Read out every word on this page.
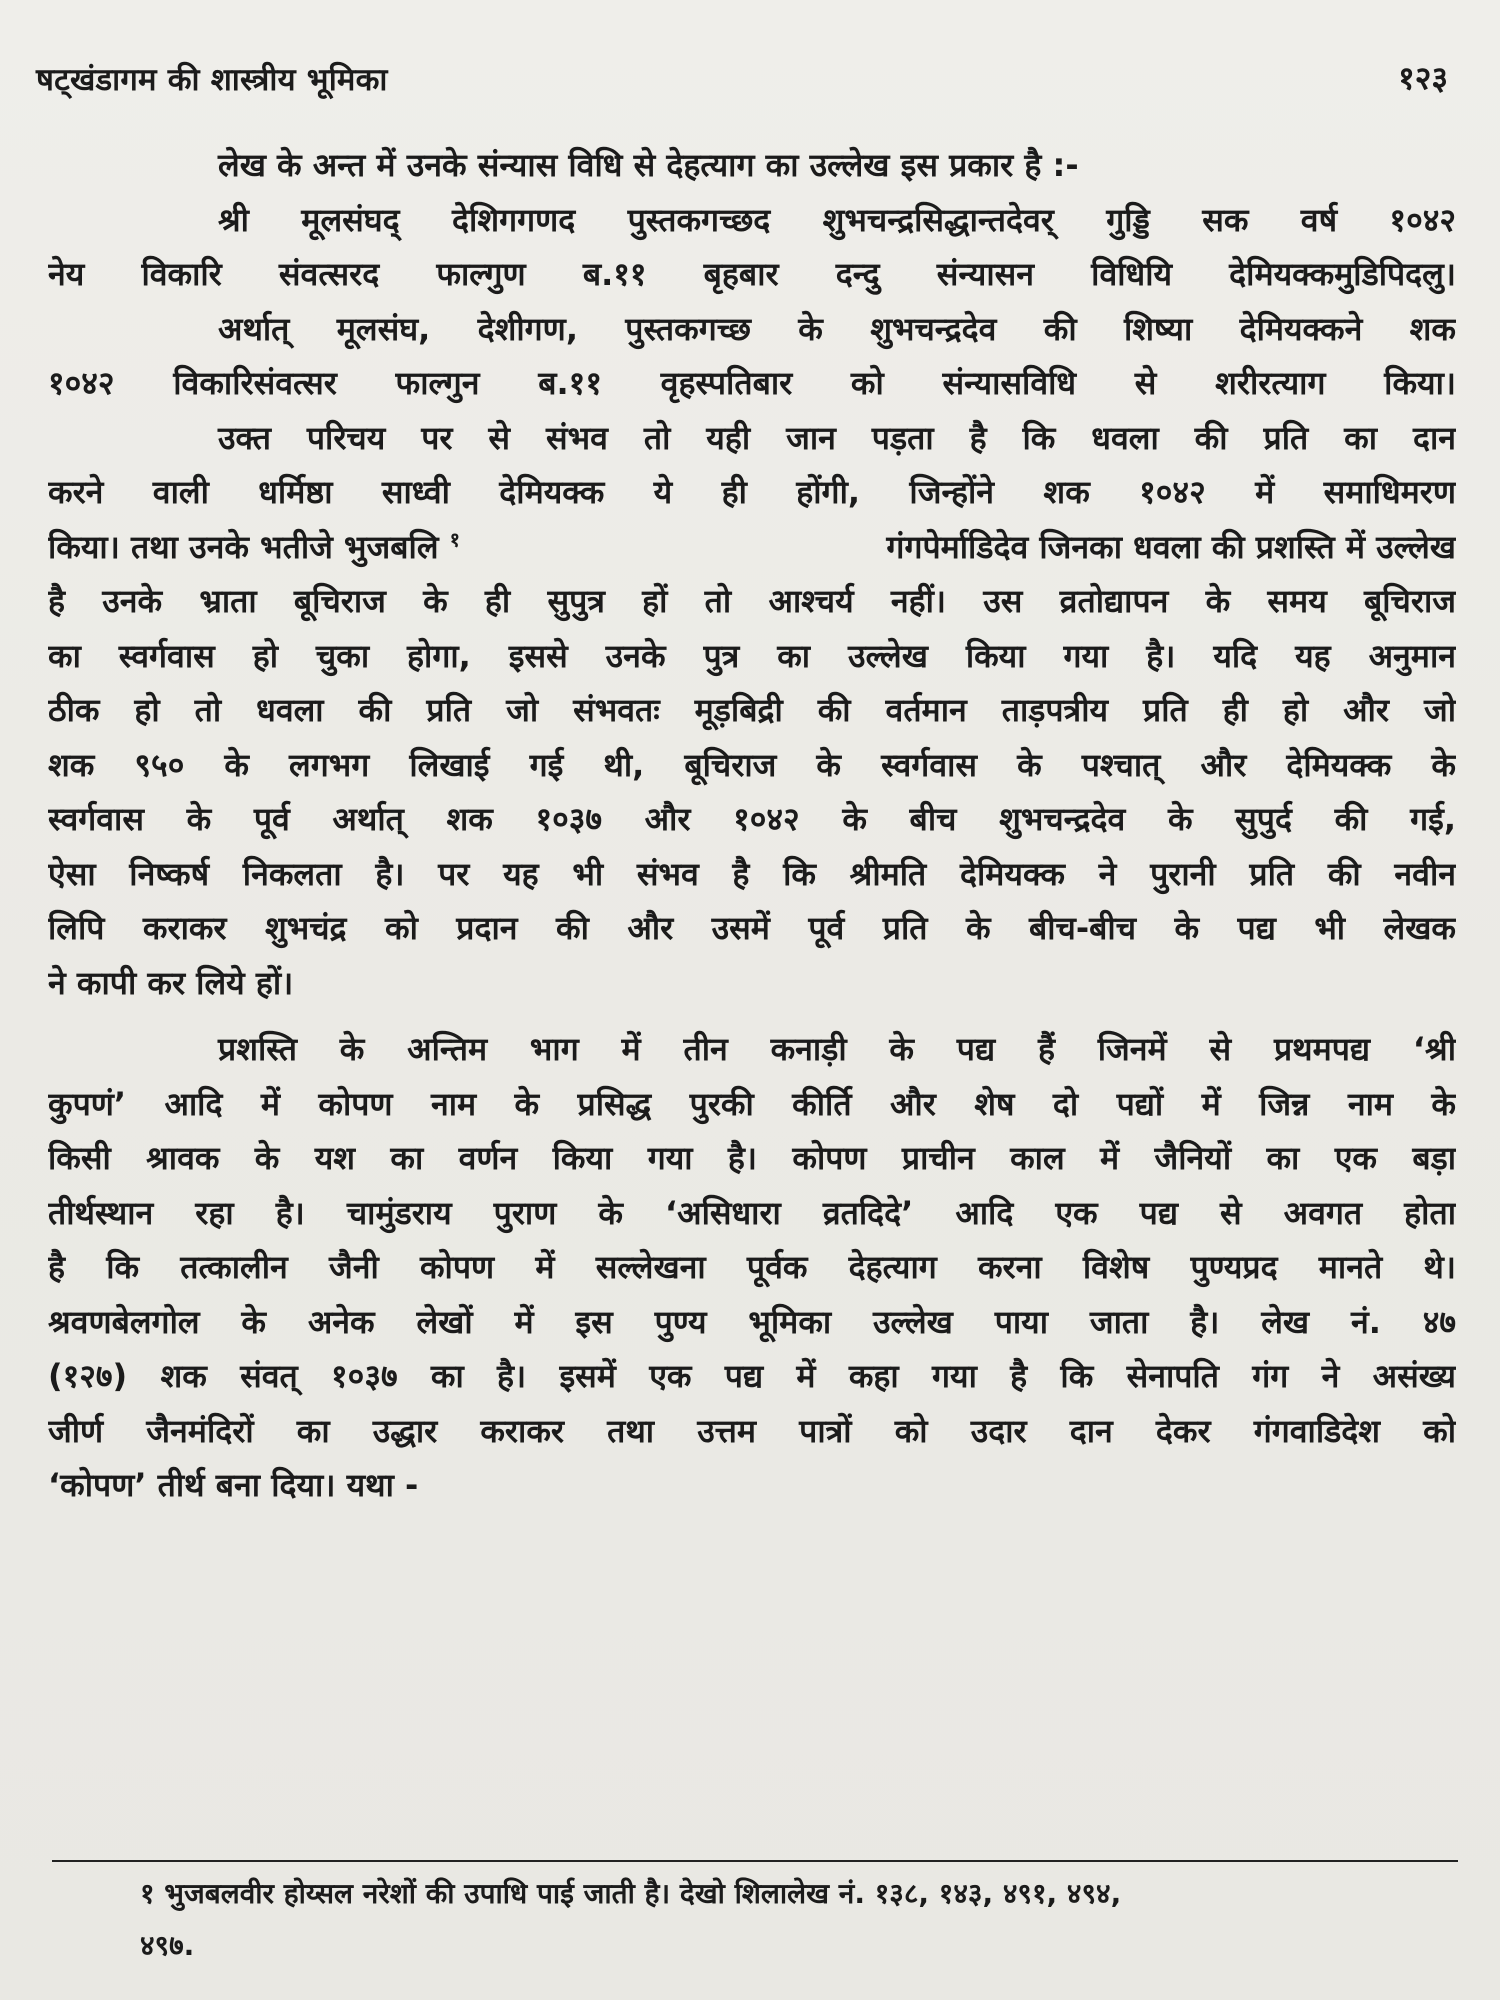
षट्खंडागम की शास्त्रीय भूमिका	१२३
लेख के अन्त में उनके संन्यास विधि से देहत्याग का उल्लेख इस प्रकार है :-
श्री मूलसंघद् देशिगगणद पुस्तकगच्छद शुभचन्द्रसिद्धान्तदेवर् गुड्डि सक वर्ष १०४२
नेय विकारि संवत्सरद फाल्गुण ब.११ बृहबार दन्दु संन्यासन विधियि देमियक्कमुडिपिदलु।
अर्थात् मूलसंघ, देशीगण, पुस्तकगच्छ के शुभचन्द्रदेव की शिष्या देमियक्कने शक
१०४२ विकारिसंवत्सर फाल्गुन ब.११ वृहस्पतिबार को संन्यासविधि से शरीरत्याग किया।
उक्त परिचय पर से संभव तो यही जान पड़ता है कि धवला की प्रति का दान
करने वाली धर्मिष्ठा साध्वी देमियक्क ये ही होंगी, जिन्होंने शक १०४२ में समाधिमरण
किया। तथा उनके भतीजे भुजबलि $^१$	गंगपेर्माडिदेव जिनका धवला की प्रशस्ति में उल्लेख
है उनके भ्राता बूचिराज के ही सुपुत्र हों तो आश्चर्य नहीं। उस व्रतोद्यापन के समय बूचिराज
का स्वर्गवास हो चुका होगा, इससे उनके पुत्र का उल्लेख किया गया है। यदि यह अनुमान
ठीक हो तो धवला की प्रति जो संभवतः मूड़बिद्री की वर्तमान ताड़पत्रीय प्रति ही हो और जो
शक ९५० के लगभग लिखाई गई थी, बूचिराज के स्वर्गवास के पश्चात् और देमियक्क के
स्वर्गवास के पूर्व अर्थात् शक १०३७ और १०४२ के बीच शुभचन्द्रदेव के सुपुर्द की गई,
ऐसा निष्कर्ष निकलता है। पर यह भी संभव है कि श्रीमति देमियक्क ने पुरानी प्रति की नवीन
लिपि कराकर शुभचंद्र को प्रदान की और उसमें पूर्व प्रति के बीच-बीच के पद्य भी लेखक
ने कापी कर लिये हों।
प्रशस्ति के अन्तिम भाग में तीन कनाड़ी के पद्य हैं जिनमें से प्रथमपद्य ‘श्री
कुपणं’ आदि में कोपण नाम के प्रसिद्ध पुरकी कीर्ति और शेष दो पद्यों में जिन्न नाम के
किसी श्रावक के यश का वर्णन किया गया है। कोपण प्राचीन काल में जैनियों का एक बड़ा
तीर्थस्थान रहा है। चामुंडराय पुराण के ‘असिधारा व्रतदिदे’ आदि एक पद्य से अवगत होता
है कि तत्कालीन जैनी कोपण में सल्लेखना पूर्वक देहत्याग करना विशेष पुण्यप्रद मानते थे।
श्रवणबेलगोल के अनेक लेखों में इस पुण्य भूमिका उल्लेख पाया जाता है। लेख नं. ४७
(१२७) शक संवत् १०३७ का है। इसमें एक पद्य में कहा गया है कि सेनापति गंग ने असंख्य
जीर्ण जैनमंदिरों का उद्धार कराकर तथा उत्तम पात्रों को उदार दान देकर गंगवाडिदेश को
‘कोपण’ तीर्थ बना दिया। यथा -
१ भुजबलवीर होय्सल नरेशों की उपाधि पाई जाती है। देखो शिलालेख नं. १३८, १४३, ४९१, ४९४,
४९७.
